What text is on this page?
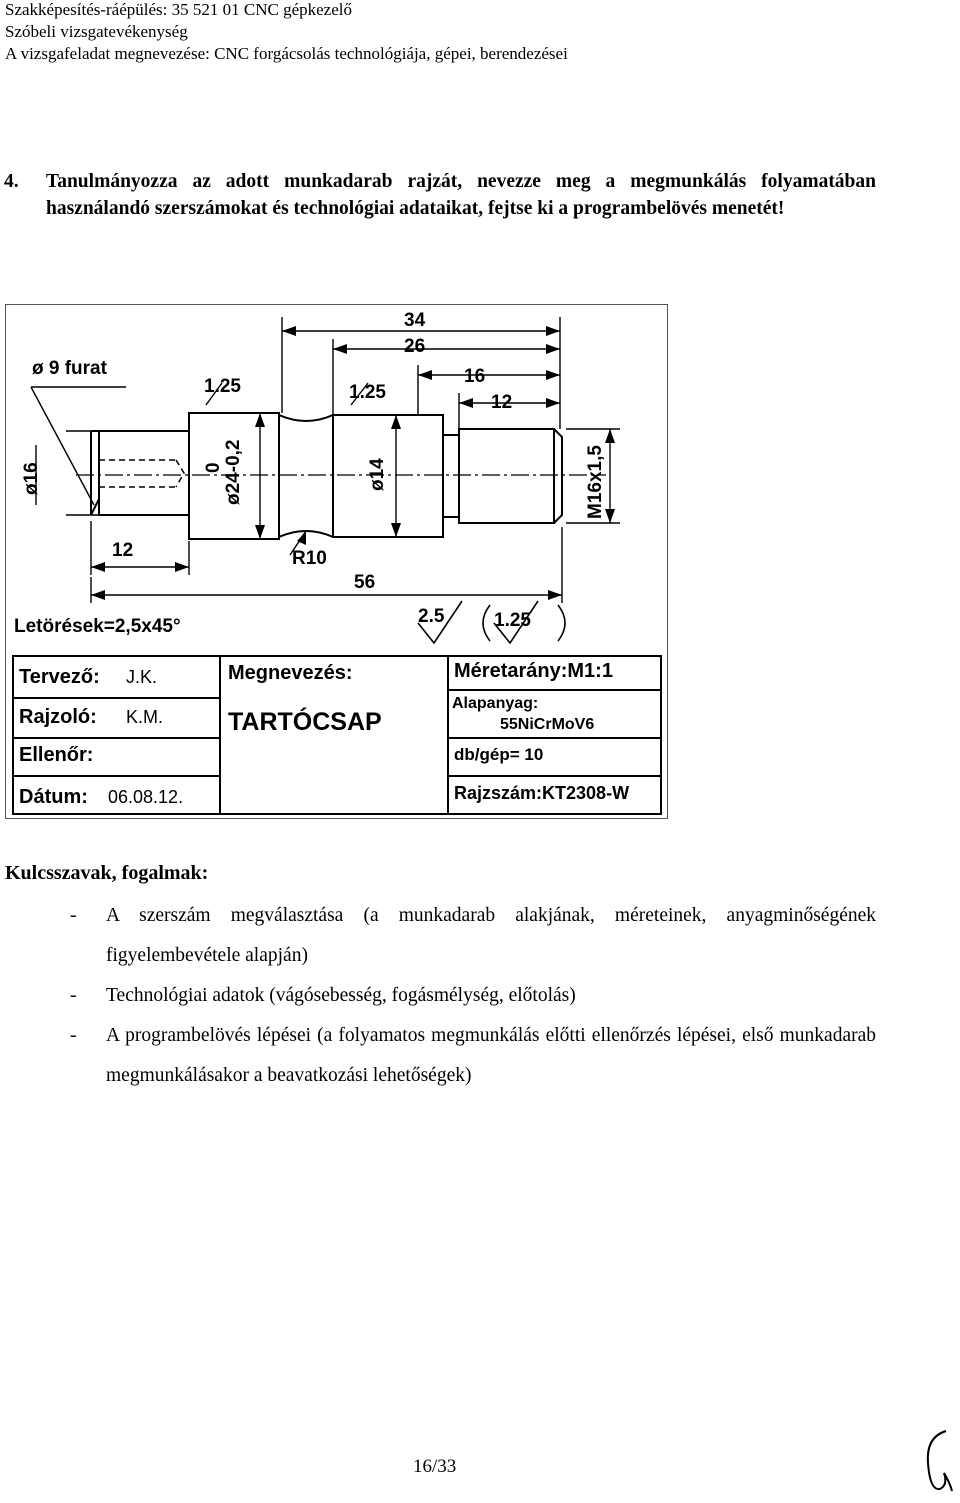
Szakképesítés-ráépülés: 35 521 01 CNC gépkezelő
Szóbeli vizsgatevékenység
A vizsgafeladat megnevezése: CNC forgácsolás technológiája, gépei, berendezései
4. Tanulmányozza az adott munkadarab rajzát, nevezze meg a megmunkálás folyamatában használandó szerszámokat és technológiai adataikat, fejtse ki a programbelövés menetét!
ø 9 furat
34
26
16
12
1.25	1.25
ø16	0 ø24-0,2	ø14	M16x1,5
12	R10
56
Letörések=2,5x45°	2.5	1.25
Tervező: J.K.
Rajzoló: K.M.
Ellenőr:
Dátum: 06.08.12.
Megnevezés:
TARTÓCSAP
Méretarány:M1:1
Alapanyag:
55NiCrMoV6
db/gép= 10
Rajzszám:KT2308-W
Kulcsszavak, fogalmak:
- A szerszám megválasztása (a munkadarab alakjának, méreteinek, anyagminőségének figyelembevétele alapján)
- Technológiai adatok (vágósebesség, fogásmélység, előtolás)
- A programbelövés lépései (a folyamatos megmunkálás előtti ellenőrzés lépései, első munkadarab megmunkálásakor a beavatkozási lehetőségek)
16/33
